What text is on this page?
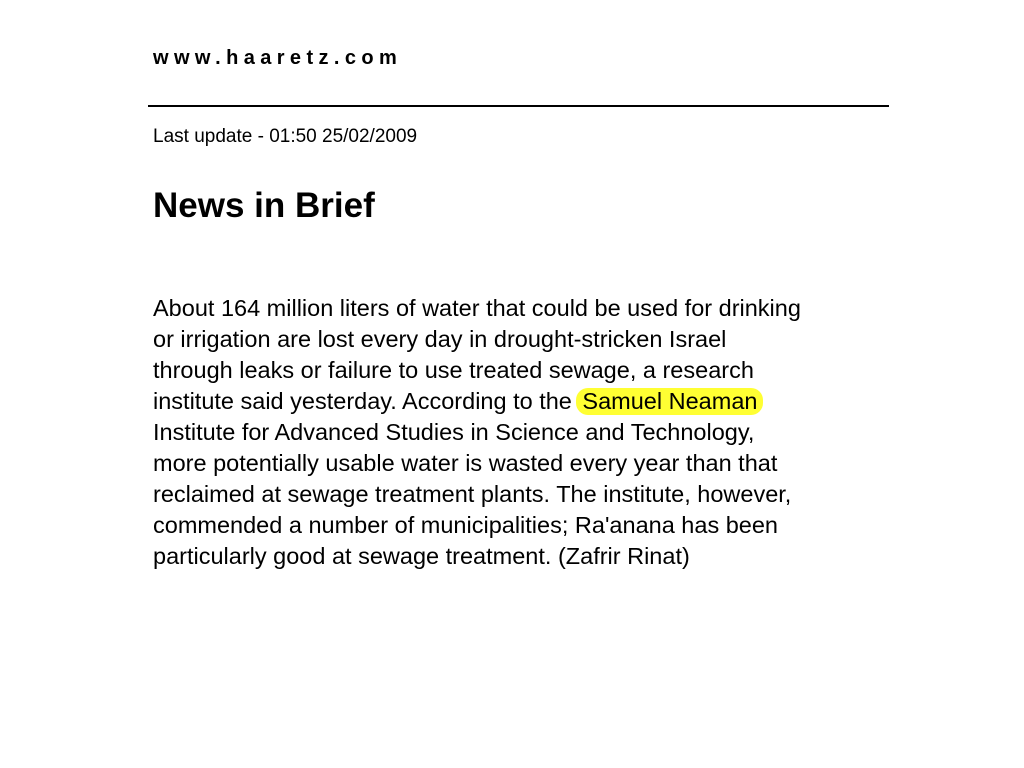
www.haaretz.com
Last update - 01:50 25/02/2009
News in Brief

About 164 million liters of water that could be used for drinking
or irrigation are lost every day in drought-stricken Israel
through leaks or failure to use treated sewage, a research
institute said yesterday. According to the Samuel Neaman
Institute for Advanced Studies in Science and Technology,
more potentially usable water is wasted every year than that
reclaimed at sewage treatment plants. The institute, however,
commended a number of municipalities; Ra'anana has been
particularly good at sewage treatment. (Zafrir Rinat)
